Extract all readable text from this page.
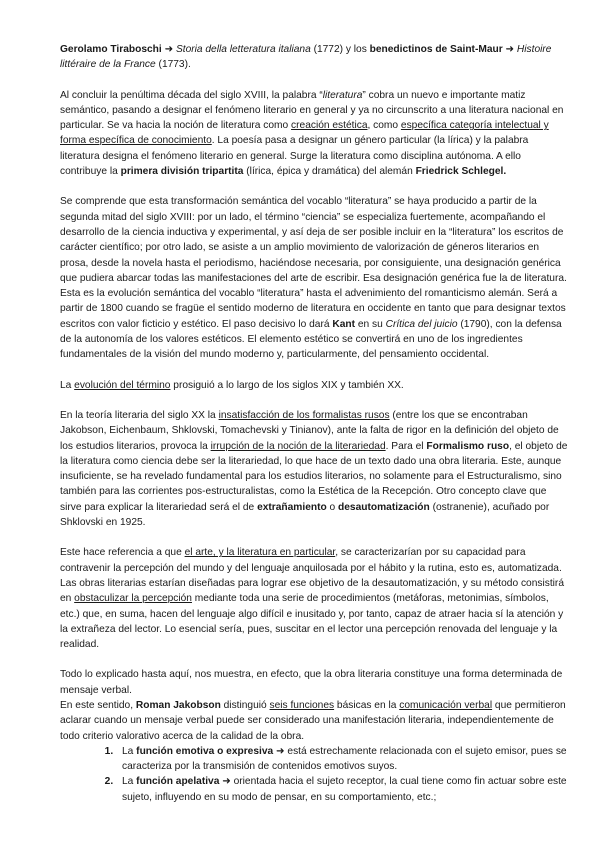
Gerolamo Tiraboschi ➜ Storia della letteratura italiana (1772) y los benedictinos de Saint-Maur ➜ Histoire littéraire de la France (1773).

Al concluir la penúltima década del siglo XVIII, la palabra “literatura” cobra un nuevo e importante matiz semántico, pasando a designar el fenómeno literario en general y ya no circunscrito a una literatura nacional en particular. Se va hacia la noción de literatura como creación estética, como específica categoría intelectual y forma específica de conocimiento. La poesía pasa a designar un género particular (la lírica) y la palabra literatura designa el fenómeno literario en general. Surge la literatura como disciplina autónoma. A ello contribuye la primera división tripartita (lírica, épica y dramática) del alemán Friedrick Schlegel.

Se comprende que esta transformación semántica del vocablo “literatura” se haya producido a partir de la segunda mitad del siglo XVIII: por un lado, el término “ciencia” se especializa fuertemente, acompañando el desarrollo de la ciencia inductiva y experimental, y así deja de ser posible incluir en la “literatura” los escritos de carácter científico; por otro lado, se asiste a un amplio movimiento de valorización de géneros literarios en prosa, desde la novela hasta el periodismo, haciéndose necesaria, por consiguiente, una designación genérica que pudiera abarcar todas las manifestaciones del arte de escribir. Esa designación genérica fue la de literatura. Esta es la evolución semántica del vocablo “literatura” hasta el advenimiento del romanticismo alemán. Será a partir de 1800 cuando se fragüe el sentido moderno de literatura en occidente en tanto que para designar textos escritos con valor ficticio y estético. El paso decisivo lo dará Kant en su Crítica del juicio (1790), con la defensa de la autonomía de los valores estéticos. El elemento estético se convertirá en uno de los ingredientes fundamentales de la visión del mundo moderno y, particularmente, del pensamiento occidental.

La evolución del término prosiguió a lo largo de los siglos XIX y también XX.

En la teoría literaria del siglo XX la insatisfacción de los formalistas rusos (entre los que se encontraban Jakobson, Eichenbaum, Shklovski, Tomachevski y Tinianov), ante la falta de rigor en la definición del objeto de los estudios literarios, provoca la irrupción de la noción de la literariedad. Para el Formalismo ruso, el objeto de la literatura como ciencia debe ser la literariedad, lo que hace de un texto dado una obra literaria. Este, aunque insuficiente, se ha revelado fundamental para los estudios literarios, no solamente para el Estructuralismo, sino también para las corrientes pos-estructuralistas, como la Estética de la Recepción. Otro concepto clave que sirve para explicar la literariedad será el de extrañamiento o desautomatización (ostranenie), acuñado por Shklovski en 1925.

Este hace referencia a que el arte, y la literatura en particular, se caracterizarían por su capacidad para contravenir la percepción del mundo y del lenguaje anquilosada por el hábito y la rutina, esto es, automatizada. Las obras literarias estarían diseñadas para lograr ese objetivo de la desautomatización, y su método consistirá en obstaculizar la percepción mediante toda una serie de procedimientos (metáforas, metonimias, símbolos, etc.) que, en suma, hacen del lenguaje algo difícil e inusitado y, por tanto, capaz de atraer hacia sí la atención y la extrañeza del lector. Lo esencial sería, pues, suscitar en el lector una percepción renovada del lenguaje y la realidad.

Todo lo explicado hasta aquí, nos muestra, en efecto, que la obra literaria constituye una forma determinada de mensaje verbal.

En este sentido, Roman Jakobson distinguió seis funciones básicas en la comunicación verbal que permitieron aclarar cuando un mensaje verbal puede ser considerado una manifestación literaria, independientemente de todo criterio valorativo acerca de la calidad de la obra.

1. La función emotiva o expresiva ➜ está estrechamente relacionada con el sujeto emisor, pues se caracteriza por la transmisión de contenidos emotivos suyos.
2. La función apelativa ➜ orientada hacia el sujeto receptor, la cual tiene como fin actuar sobre este sujeto, influyendo en su modo de pensar, en su comportamiento, etc.;
